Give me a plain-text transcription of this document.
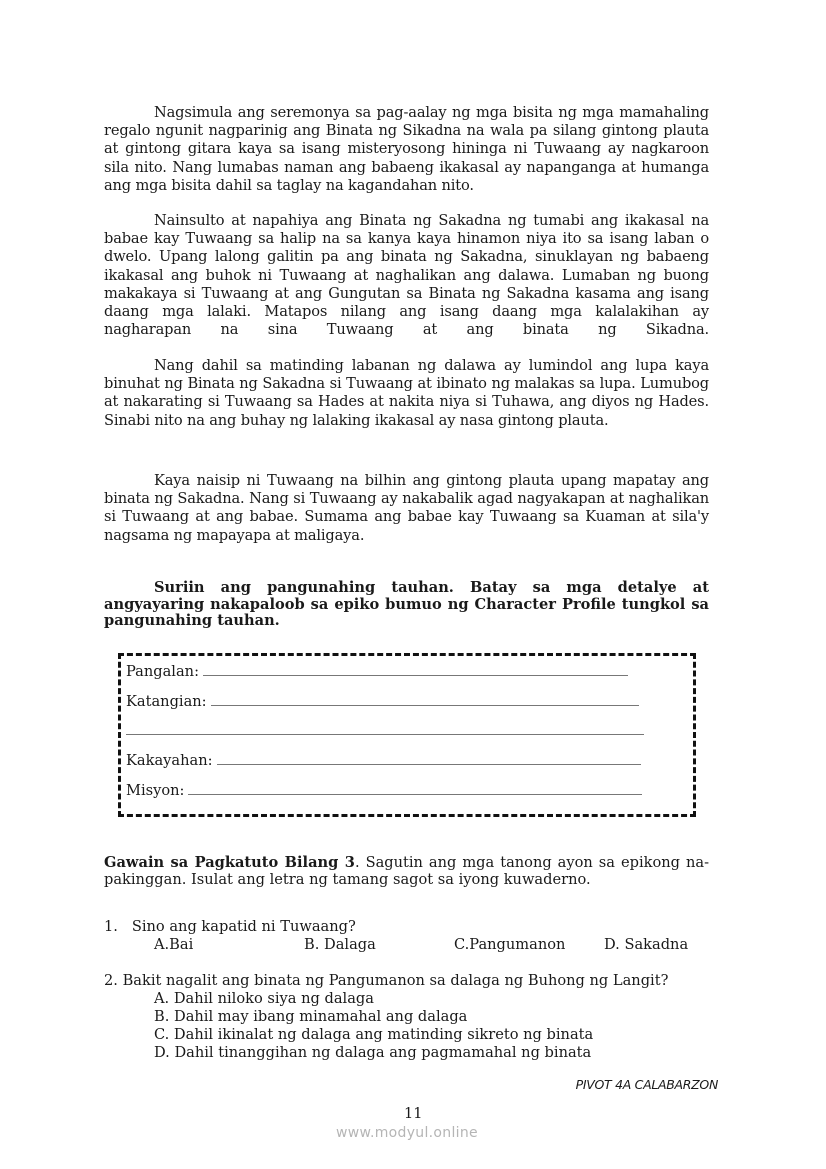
Nagsimula ang seremonya sa pag-aalay ng mga bisita ng mga mamahaling regalo ngunit nagparinig ang Binata ng Sikadna na wala pa silang gintong plauta at gintong gitara kaya sa isang misteryosong hininga ni Tuwaang ay nagkaroon sila nito. Nang lumabas naman ang babaeng ikakasal ay napanganga at humanga ang mga bisita dahil sa taglay na kagandahan nito.

Nainsulto at napahiya ang Binata ng Sakadna ng tumabi ang ikakasal na babae kay Tuwaang sa halip na sa kanya kaya hinamon niya ito sa isang laban o dwelo. Upang lalong galitin pa ang binata ng Sakadna, sinuklayan ng babaeng ikakasal ang buhok ni Tuwaang at naghalikan ang dalawa. Lumaban ng buong makakaya si Tuwaang at ang Gungutan sa Binata ng Sakadna kasama ang isang daang mga lalaki. Matapos nilang ang isang daang mga kalalakihan ay nagharapan na sina Tuwaang at ang binata ng Sikadna.

Nang dahil sa matinding labanan ng dalawa ay lumindol ang lupa kaya binuhat ng Binata ng Sakadna si Tuwaang at ibinato ng malakas sa lupa. Lumubog at nakarating si Tuwaang sa Hades at nakita niya si Tuhawa, ang diyos ng Hades. Sinabi nito na ang buhay ng lalaking ikakasal ay nasa gintong plauta.

Kaya naisip ni Tuwaang na bilhin ang gintong plauta upang mapatay ang binata ng Sakadna. Nang si Tuwaang ay nakabalik agad nagyakapan at naghalikan si Tuwaang at ang babae. Sumama ang babae kay Tuwaang sa Kuaman at sila'y nagsama ng mapayapa at maligaya.

Suriin ang pangunahing tauhan. Batay sa mga detalye at angyayaring nakapaloob sa epiko bumuo ng Character Profile tungkol sa pangunahing tauhan.

Pangalan:
Katangian:
Kakayahan:
Misyon:

Gawain sa Pagkatuto Bilang 3. Sagutin ang mga tanong ayon sa epikong na-pakinggan. Isulat ang letra ng tamang sagot sa iyong kuwaderno.

1. Sino ang kapatid ni Tuwaang?
A.Bai	B. Dalaga	C.Pangumanon	D. Sakadna
2. Bakit nagalit ang binata ng Pangumanon sa dalaga ng Buhong ng Langit?
A. Dahil niloko siya ng dalaga
B. Dahil may ibang minamahal ang dalaga
C. Dahil ikinalat ng dalaga ang matinding sikreto ng binata
D. Dahil tinanggihan ng dalaga ang pagmamahal ng binata
PIVOT 4A CALABARZON
11
www.modyul.online
